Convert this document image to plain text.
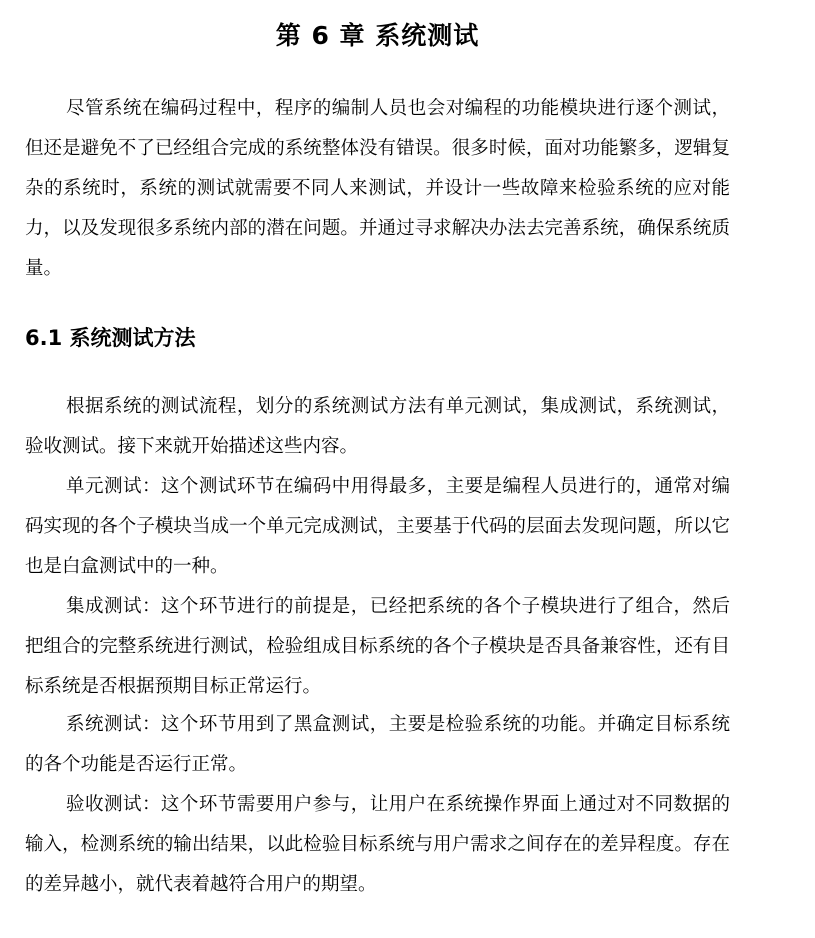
第 6 章 系统测试

尽管系统在编码过程中，程序的编制人员也会对编程的功能模块进行逐个测试，但还是避免不了已经组合完成的系统整体没有错误。很多时候，面对功能繁多，逻辑复杂的系统时，系统的测试就需要不同人来测试，并设计一些故障来检验系统的应对能力，以及发现很多系统内部的潜在问题。并通过寻求解决办法去完善系统，确保系统质量。

6.1 系统测试方法

根据系统的测试流程，划分的系统测试方法有单元测试，集成测试，系统测试，验收测试。接下来就开始描述这些内容。

单元测试：这个测试环节在编码中用得最多，主要是编程人员进行的，通常对编码实现的各个子模块当成一个单元完成测试，主要基于代码的层面去发现问题，所以它也是白盒测试中的一种。

集成测试：这个环节进行的前提是，已经把系统的各个子模块进行了组合，然后把组合的完整系统进行测试，检验组成目标系统的各个子模块是否具备兼容性，还有目标系统是否根据预期目标正常运行。

系统测试：这个环节用到了黑盒测试，主要是检验系统的功能。并确定目标系统的各个功能是否运行正常。

验收测试：这个环节需要用户参与，让用户在系统操作界面上通过对不同数据的输入，检测系统的输出结果，以此检验目标系统与用户需求之间存在的差异程度。存在的差异越小，就代表着越符合用户的期望。
